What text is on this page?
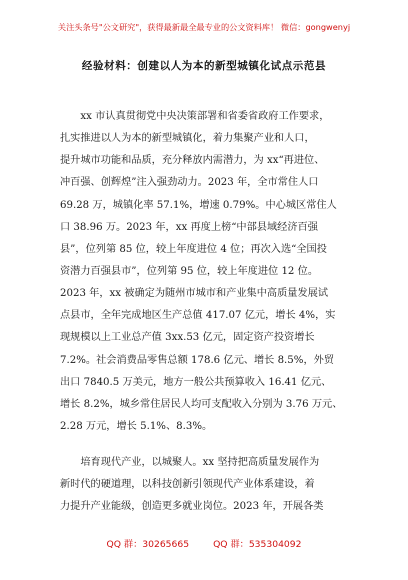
关注头条号"公文研究"，获得最新最全最专业的公文资料库！ 微信：gongwenyj
经验材料：创建以人为本的新型城镇化试点示范县
　　xx 市认真贯彻党中央决策部署和省委省政府工作要求，
扎实推进以人为本的新型城镇化，着力集聚产业和人口，
提升城市功能和品质，充分释放内需潜力，为 xx“再进位、
冲百强、创辉煌”注入强劲动力。2023 年，全市常住人口
69.28 万，城镇化率 57.1%，增速 0.79%。中心城区常住人
口 38.96 万。2023 年，xx 再度上榜“中部县域经济百强
县”，位列第 85 位，较上年度进位 4 位；再次入选“全国投
资潜力百强县市”，位列第 95 位，较上年度进位 12 位。
2023 年，xx 被确定为随州市城市和产业集中高质量发展试
点县市，全年完成地区生产总值 417.07 亿元，增长 4%，实
现规模以上工业总产值 3xx.53 亿元，固定资产投资增长
7.2%。社会消费品零售总额 178.6 亿元、增长 8.5%，外贸
出口 7840.5 万美元，地方一般公共预算收入 16.41 亿元、
增长 8.2%，城乡常住居民人均可支配收入分别为 3.76 万元、
2.28 万元，增长 5.1%、8.3%。
　　培育现代产业，以城聚人。xx 坚持把高质量发展作为
新时代的硬道理，以科技创新引领现代产业体系建设，着
力提升产业能级，创造更多就业岗位。2023 年，开展各类
QQ 群：30265665	QQ 群：535304092
